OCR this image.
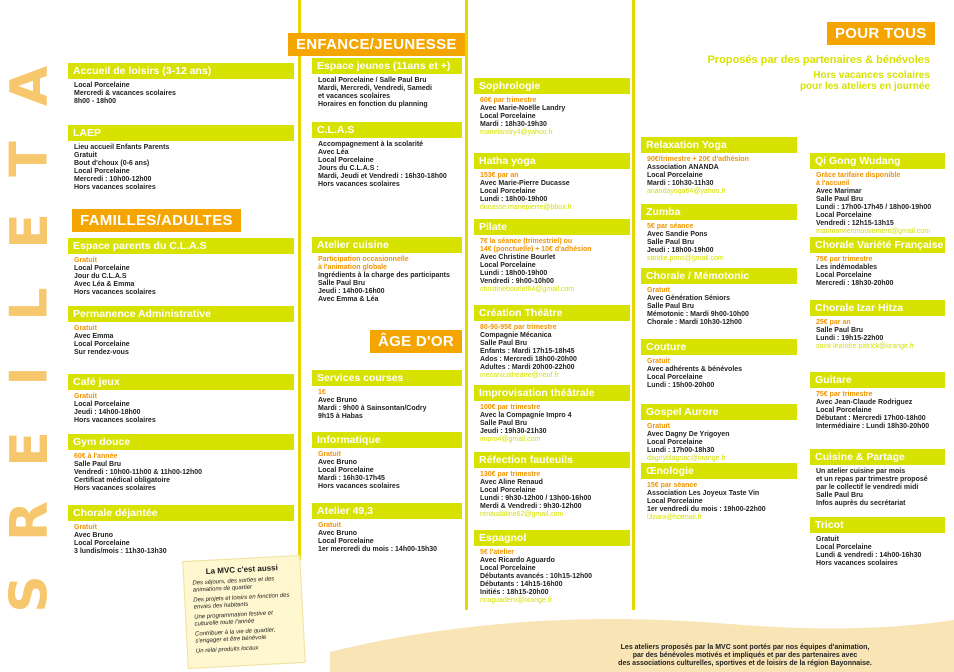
A
T
E
L
I
E
R
S
FAMILLES/ADULTES
ENFANCE/JEUNESSE
ÂGE D'OR
POUR TOUS
Proposés par des partenaires & bénévoles
Hors vacances scolaires
pour les ateliers en journée
Accueil de loisirs (3-12 ans)
Local Porcelaine
Mercredi & vacances scolaires
8h00 - 18h00
LAEP
Lieu accueil Enfants Parents
Gratuit
Bout d'choux (0-6 ans)
Local Porcelaine
Mercredi : 10h00-12h00
Hors vacances scolaires
Espace parents du C.L.A.S
Gratuit
Local Porcelaine
Jour du C.L.A.S
Avec Léa & Emma
Hors vacances scolaires
Permanence Administrative
Gratuit
Avec Emma
Local Porcelaine
Sur rendez-vous
Café jeux
Gratuit
Local Porcelaine
Jeudi : 14h00-18h00
Hors vacances scolaires
Gym douce
60€ à l'année
Salle Paul Bru
Vendredi : 10h00-11h00 & 11h00-12h00
Certificat médical obligatoire
Hors vacances scolaires
Chorale déjantée
Gratuit
Avec Bruno
Local Porcelaine
3 lundis/mois : 11h30-13h30
Espace jeunes (11ans et +)
Local Porcelaine / Salle Paul Bru
Mardi, Mercredi, Vendredi, Samedi
et vacances scolaires
Horaires en fonction du planning
C.L.A.S
Accompagnement à la scolarité
Avec Léa
Local Porcelaine
Jours du C.L.A.S :
Mardi, Jeudi et Vendredi : 16h30-18h00
Hors vacances scolaires
Atelier cuisine
Participation occasionnelle
à l'animation globale
Ingrédients à la charge des participants
Salle Paul Bru
Jeudi : 14h00-16h00
Avec Emma & Léa
Services courses
1€
Avec Bruno
Mardi : 9h00 à Sainsontan/Codry
9h15 à Habas
Informatique
Gratuit
Avec Bruno
Local Porcelaine
Mardi : 16h30-17h45
Hors vacances scolaires
Atelier 49,3
Gratuit
Avec Bruno
Local Porcelaine
1er mercredi du mois : 14h00-15h30
Sophrologie
60€ par trimestre
Avec Marie-Noëlle Landry
Local Porcelaine
Mardi : 18h30-19h30
marielandry4@yahoo.fr
Hatha yoga
153€ par an
Avec Marie-Pierre Ducasse
Local Porcelaine
Lundi : 18h00-19h00
ducasse.mariepierre@bbox.fr
Pilate
7€ la séance (trimestriel) ou
14€ (ponctuelle) + 10€ d'adhésion
Avec Christine Bourlet
Local Porcelaine
Lundi : 18h00-19h00
Vendredi : 9h00-10h00
christinebourlet64@gmail.com
Création Théâtre
80-90-95€ par trimestre
Compagnie Mécanica
Salle Paul Bru
Enfants : Mardi 17h15-18h45
Ados : Mercredi 18h00-20h00
Adultes : Mardi 20h00-22h00
mecanicatheatre@neuf.fr
Improvisation théâtrale
100€ par trimestre
Avec la Compagnie Impro 4
Salle Paul Bru
Jeudi : 19h30-21h30
impro4@gmail.com
Réfection fauteuils
130€ par trimestre
Avec Aline Renaud
Local Porcelaine
Lundi : 9h30-12h00 / 13h00-16h00
Merdi & Vendredi : 9h30-12h00
renaudaline62@gmail.com
Espagnol
5€ l'atelier
Avec Ricardo Aguardo
Local Porcelaine
Débutants avancés : 10h15-12h00
Débutants : 14h15-16h00
Initiés : 18h15-20h00
ricaguadero@orange.fr
Relaxation Yoga
90€/trimestre + 20€ d'adhésion
Association ANANDA
Local Porcelaine
Mardi : 10h30-11h30
anandayoga64@yahoo.fr
Zumba
5€ par séance
Avec Sandie Pons
Salle Paul Bru
Jeudi : 18h00-19h00
sandie.pons@gmail.com
Chorale / Mémotonic
Gratuit
Avec Génération Séniors
Salle Paul Bru
Mémotonic : Mardi 9h00-10h00
Chorale : Mardi 10h30-12h00
Couture
Gratuit
Avec adhérents & bénévoles
Local Porcelaine
Lundi : 15h00-20h00
Gospel Aurore
Gratuit
Avec Dagny De Yrigoyen
Local Porcelaine
Lundi : 17h00-18h30
dagnyblagnac@orange.fr
Œnologie
15€ par séance
Association Les Joyeux Taste Vin
Local Porcelaine
1er vendredi du mois : 19h00-22h00
l3zara@hotmail.fr
Qi Gong Wudang
Grâce tarifaire disponible
à l'accueil
Avec Marimar
Salle Paul Bru
Lundi : 17h00-17h45 / 18h00-19h00
Local Porcelaine
Vendredi : 12h15-13h15
marimarvienmouvement@gmail.com
Chorale Variété Française
75€ par trimestre
Les indémodables
Local Porcelaine
Mercredi : 18h30-20h00
Chorale Izar Hitza
25€ par an
Salle Paul Bru
Lundi : 19h15-22h00
saint-leandre.patrick@orange.fr
Guitare
75€ par trimestre
Avec Jean-Claude Rodriguez
Local Porcelaine
Débutant : Mercredi 17h00-18h00
Intermédiaire : Lundi 18h30-20h00
Cuisine & Partage
Un atelier cuisine par mois
et un repas par trimestre proposé
par le collectif le vendredi midi
Salle Paul Bru
Infos auprès du secrétariat
Tricot
Gratuit
Local Porcelaine
Lundi & vendredi : 14h00-16h30
Hors vacances scolaires
La MVC c'est aussi
Des séjours, des sorties et des animations de quartier
Des projets et loisirs en fonction des envies des habitants
Une programmation festive et culturelle toute l'année
Contribuer à la vie de quartier, s'engager et être bénévole
Un relai produits locaux	Les ateliers proposés par la MVC sont portés par nos équipes d'animation,
par des bénévoles motivés et impliqués et par des partenaires avec
des associations culturelles, sportives et de loisirs de la région Bayonnaise.
